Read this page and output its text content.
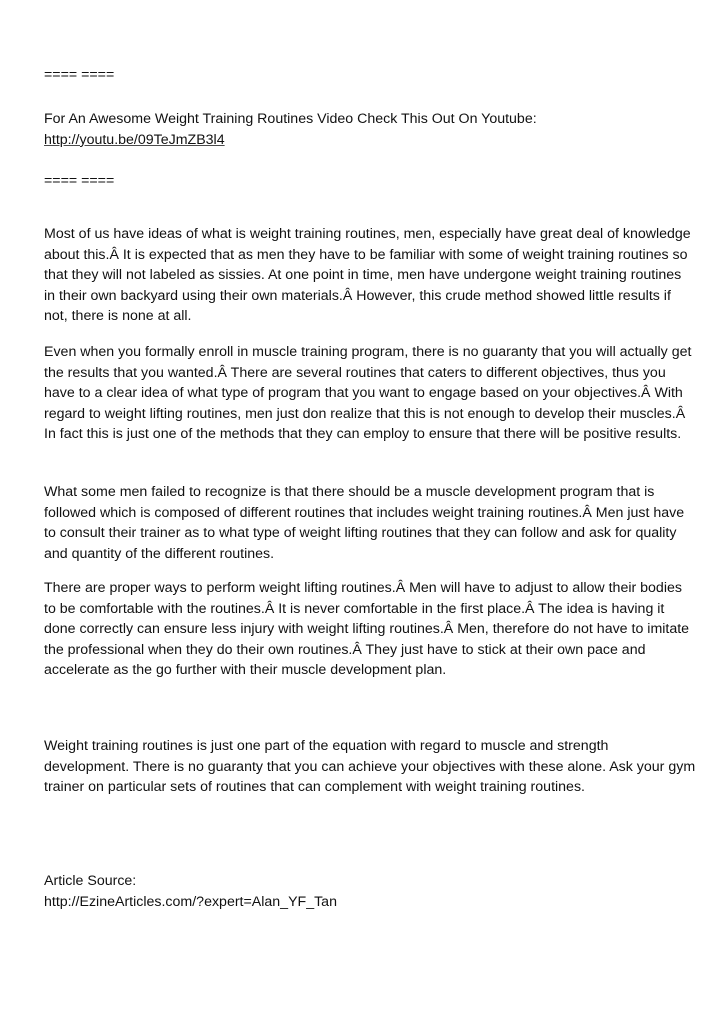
==== ====
For An Awesome Weight Training Routines Video Check This Out On Youtube:
http://youtu.be/09TeJmZB3l4
==== ====

Most of us have ideas of what is weight training routines, men, especially have great deal of knowledge about this.Â It is expected that as men they have to be familiar with some of weight training routines so that they will not labeled as sissies. At one point in time, men have undergone weight training routines in their own backyard using their own materials.Â However, this crude method showed little results if not, there is none at all.

Even when you formally enroll in muscle training program, there is no guaranty that you will actually get the results that you wanted.Â There are several routines that caters to different objectives, thus you have to a clear idea of what type of program that you want to engage based on your objectives.Â With regard to weight lifting routines, men just don realize that this is not enough to develop their muscles.Â In fact this is just one of the methods that they can employ to ensure that there will be positive results.

What some men failed to recognize is that there should be a muscle development program that is followed which is composed of different routines that includes weight training routines.Â Men just have to consult their trainer as to what type of weight lifting routines that they can follow and ask for quality and quantity of the different routines.

There are proper ways to perform weight lifting routines.Â Men will have to adjust to allow their bodies to be comfortable with the routines.Â It is never comfortable in the first place.Â The idea is having it done correctly can ensure less injury with weight lifting routines.Â Men, therefore do not have to imitate the professional when they do their own routines.Â They just have to stick at their own pace and accelerate as the go further with their muscle development plan.

Weight training routines is just one part of the equation with regard to muscle and strength development. There is no guaranty that you can achieve your objectives with these alone. Ask your gym trainer on particular sets of routines that can complement with weight training routines.

Article Source:
http://EzineArticles.com/?expert=Alan_YF_Tan
